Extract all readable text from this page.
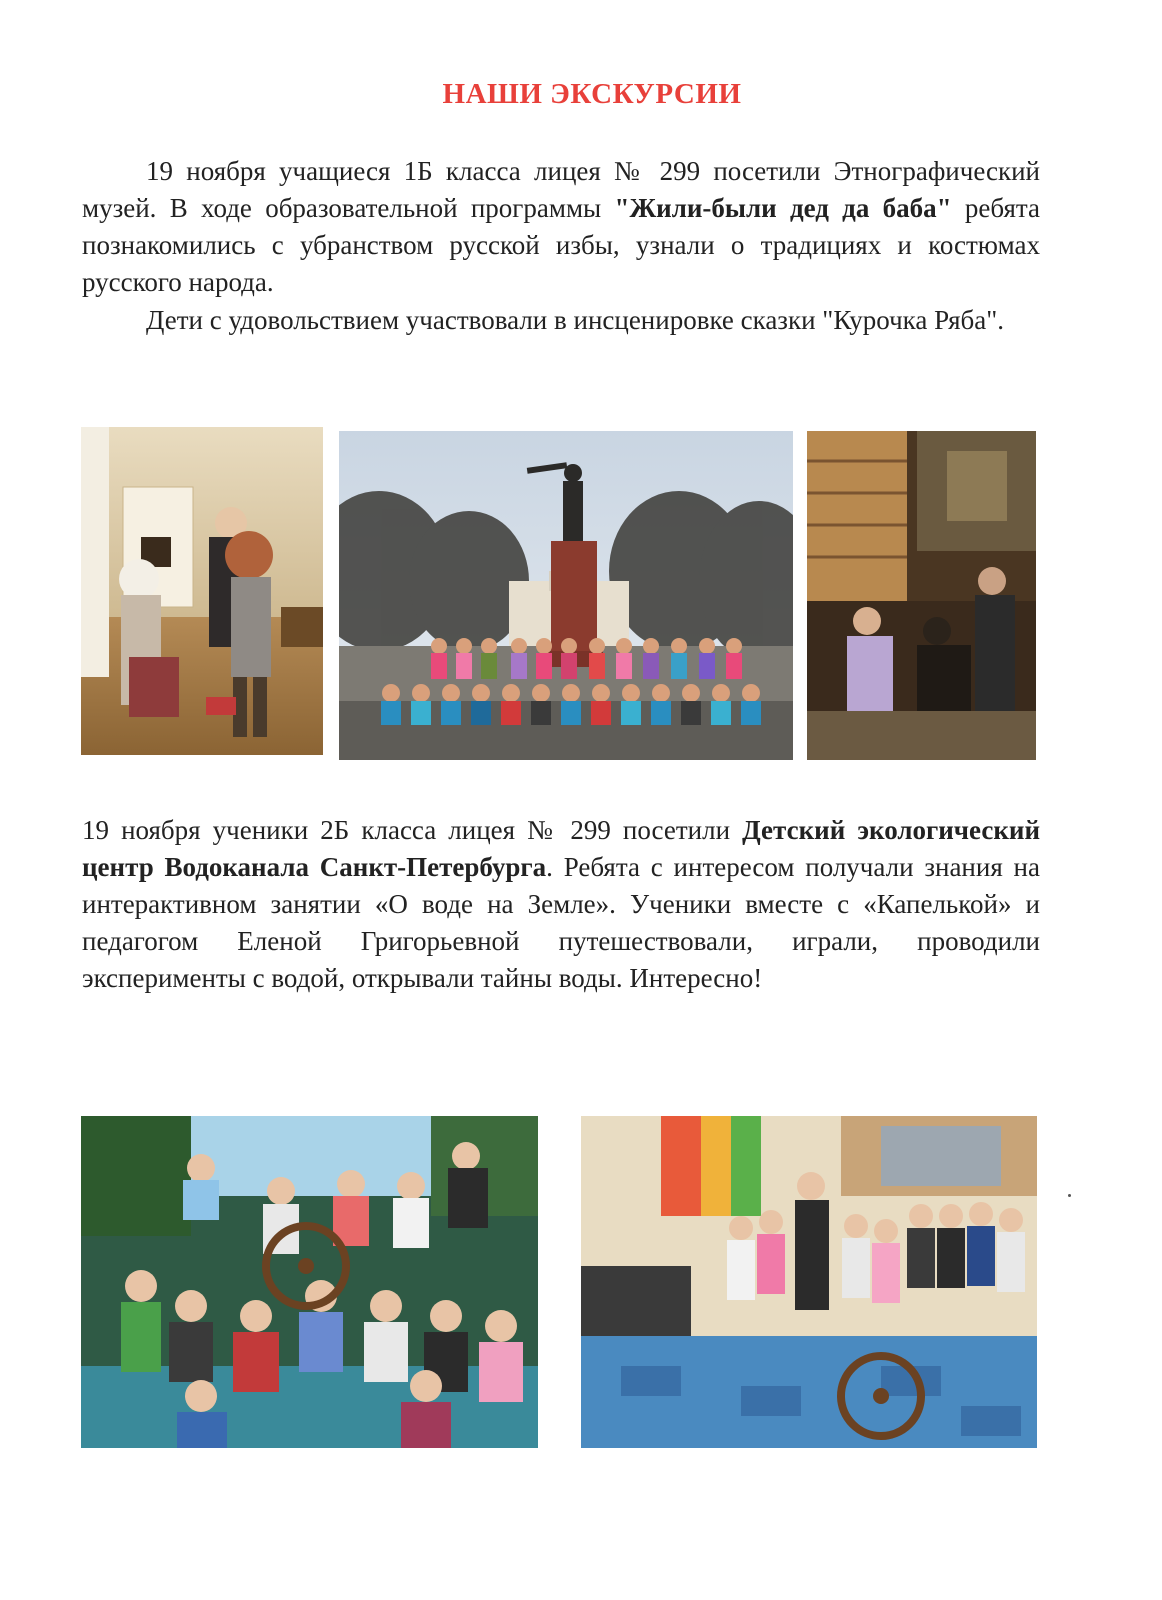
НАШИ ЭКСКУРСИИ

19 ноября учащиеся 1Б класса лицея № 299 посетили Этнографический музей. В ходе образовательной программы "Жили-были дед да баба" ребята познакомились с убранством русской избы, узнали о традициях и костюмах русского народа.

Дети с удовольствием участвовали в инсценировке сказки "Курочка Ряба".

19 ноября ученики 2Б класса лицея № 299 посетили Детский экологический центр Водоканала Санкт-Петербурга. Ребята с интересом получали знания на интерактивном занятии «О воде на Земле». Ученики вместе с «Капелькой» и педагогом Еленой Григорьевной путешествовали, играли, проводили эксперименты с водой, открывали тайны воды. Интересно!
